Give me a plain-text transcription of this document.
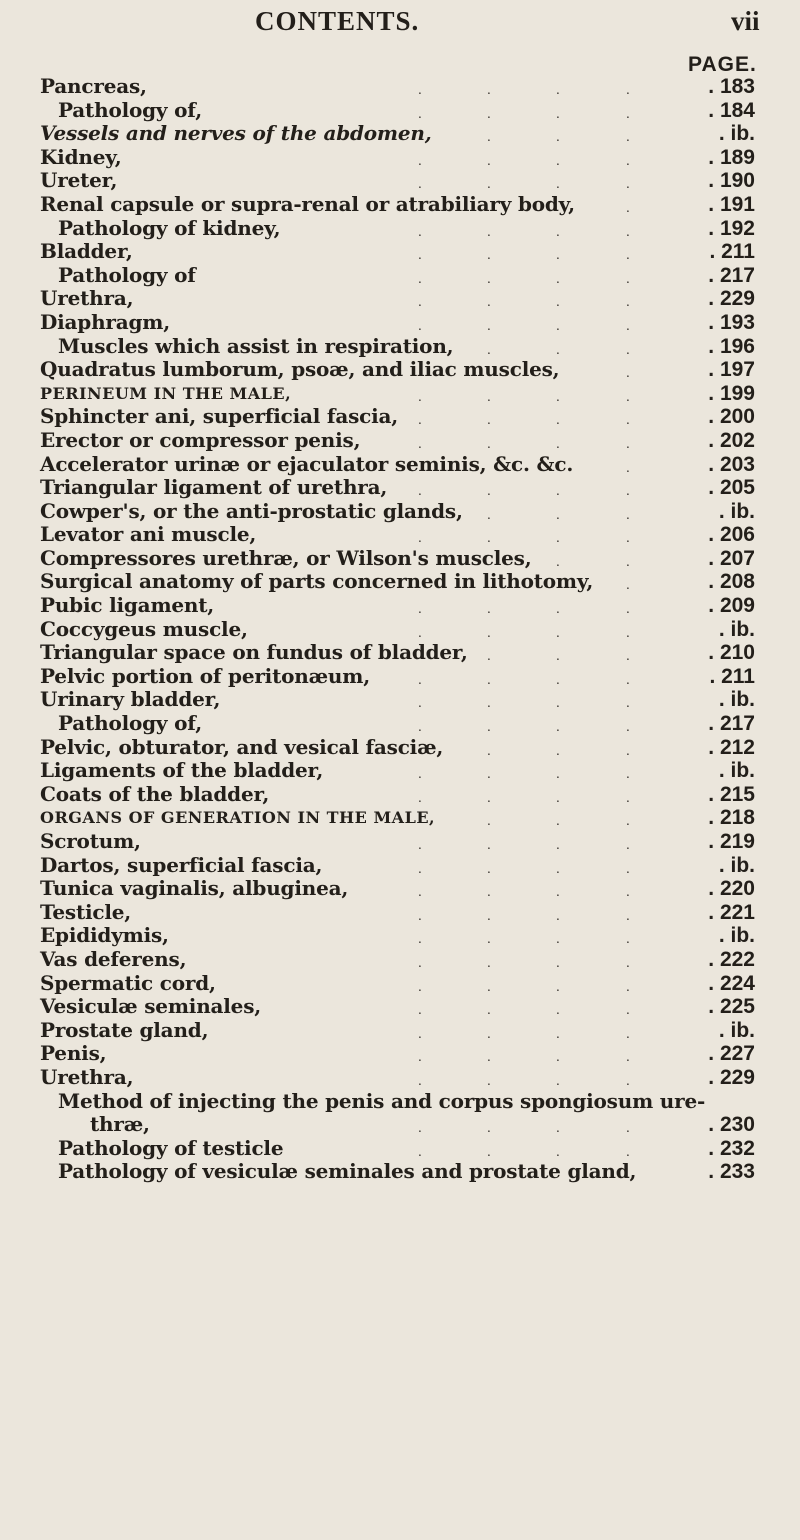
CONTENTS.	vii
PAGE.
Pancreas,	.	.	.	.	. 183
Pathology of,	.	.	.	.	. 184
Vessels and nerves of the abdomen,	.	.	.	. ib.
Kidney,	.	.	.	.	. 189
Ureter,	.	.	.	.	. 190
Renal capsule or supra-renal or atrabiliary body,	.	. 191
Pathology of kidney,	.	.	.	.	. 192
Bladder,	.	.	.	.	. 211
Pathology of	.	.	.	.	. 217
Urethra,	.	.	.	.	. 229
Diaphragm,	.	.	.	.	. 193
Muscles which assist in respiration,	.	.	.	. 196
Quadratus lumborum, psoæ, and iliac muscles,	.	. 197
PERINEUM IN THE MALE,	.	.	.	.	. 199
Sphincter ani, superficial fascia, .	.	.	.	. 200
Erector or compressor penis,	.	.	.	.	. 202
Accelerator urinæ or ejaculator seminis, &c. &c.	.	. 203
Triangular ligament of urethra,	.	.	.	.	. 205
Cowper's, or the anti-prostatic glands, .	.	.	. ib.
Levator ani muscle,	.	.	.	.	. 206
Compressores urethræ, or Wilson's muscles, .	.	. 207
Surgical anatomy of parts concerned in lithotomy,	.	. 208
Pubic ligament,	.	.	.	.	. 209
Coccygeus muscle,	.	.	.	.	. ib.
Triangular space on fundus of bladder, .	.	.	. 210
Pelvic portion of peritonæum,	.	.	.	.	. 211
Urinary bladder,	.	.	.	.	. ib.
Pathology of,	.	.	.	.	. 217
Pelvic, obturator, and vesical fasciæ,	.	.	.	. 212
Ligaments of the bladder,	.	.	.	.	. ib.
Coats of the bladder,	.	.	.	.	. 215
ORGANS OF GENERATION IN THE MALE,	.	.	.	. 218
Scrotum,	.	.	.	.	. 219
Dartos, superficial fascia,	.	.	.	.	. ib.
Tunica vaginalis, albuginea,	.	.	.	.	. 220
Testicle,	.	.	.	.	. 221
Epididymis,	.	.	.	.	. ib.
Vas deferens,	.	.	.	.	. 222
Spermatic cord,	.	.	.	.	. 224
Vesiculæ seminales,	.	.	.	.	. 225
Prostate gland,	.	.	.	.	. ib.
Penis,	.	.	.	.	. 227
Urethra,	.	.	.	.	. 229
Method of injecting the penis and corpus spongiosum ure-
thræ,	.	.	.	.	. 230
Pathology of testicle	.	.	.	.	. 232
Pathology of vesiculæ seminales and prostate gland,	. 233
